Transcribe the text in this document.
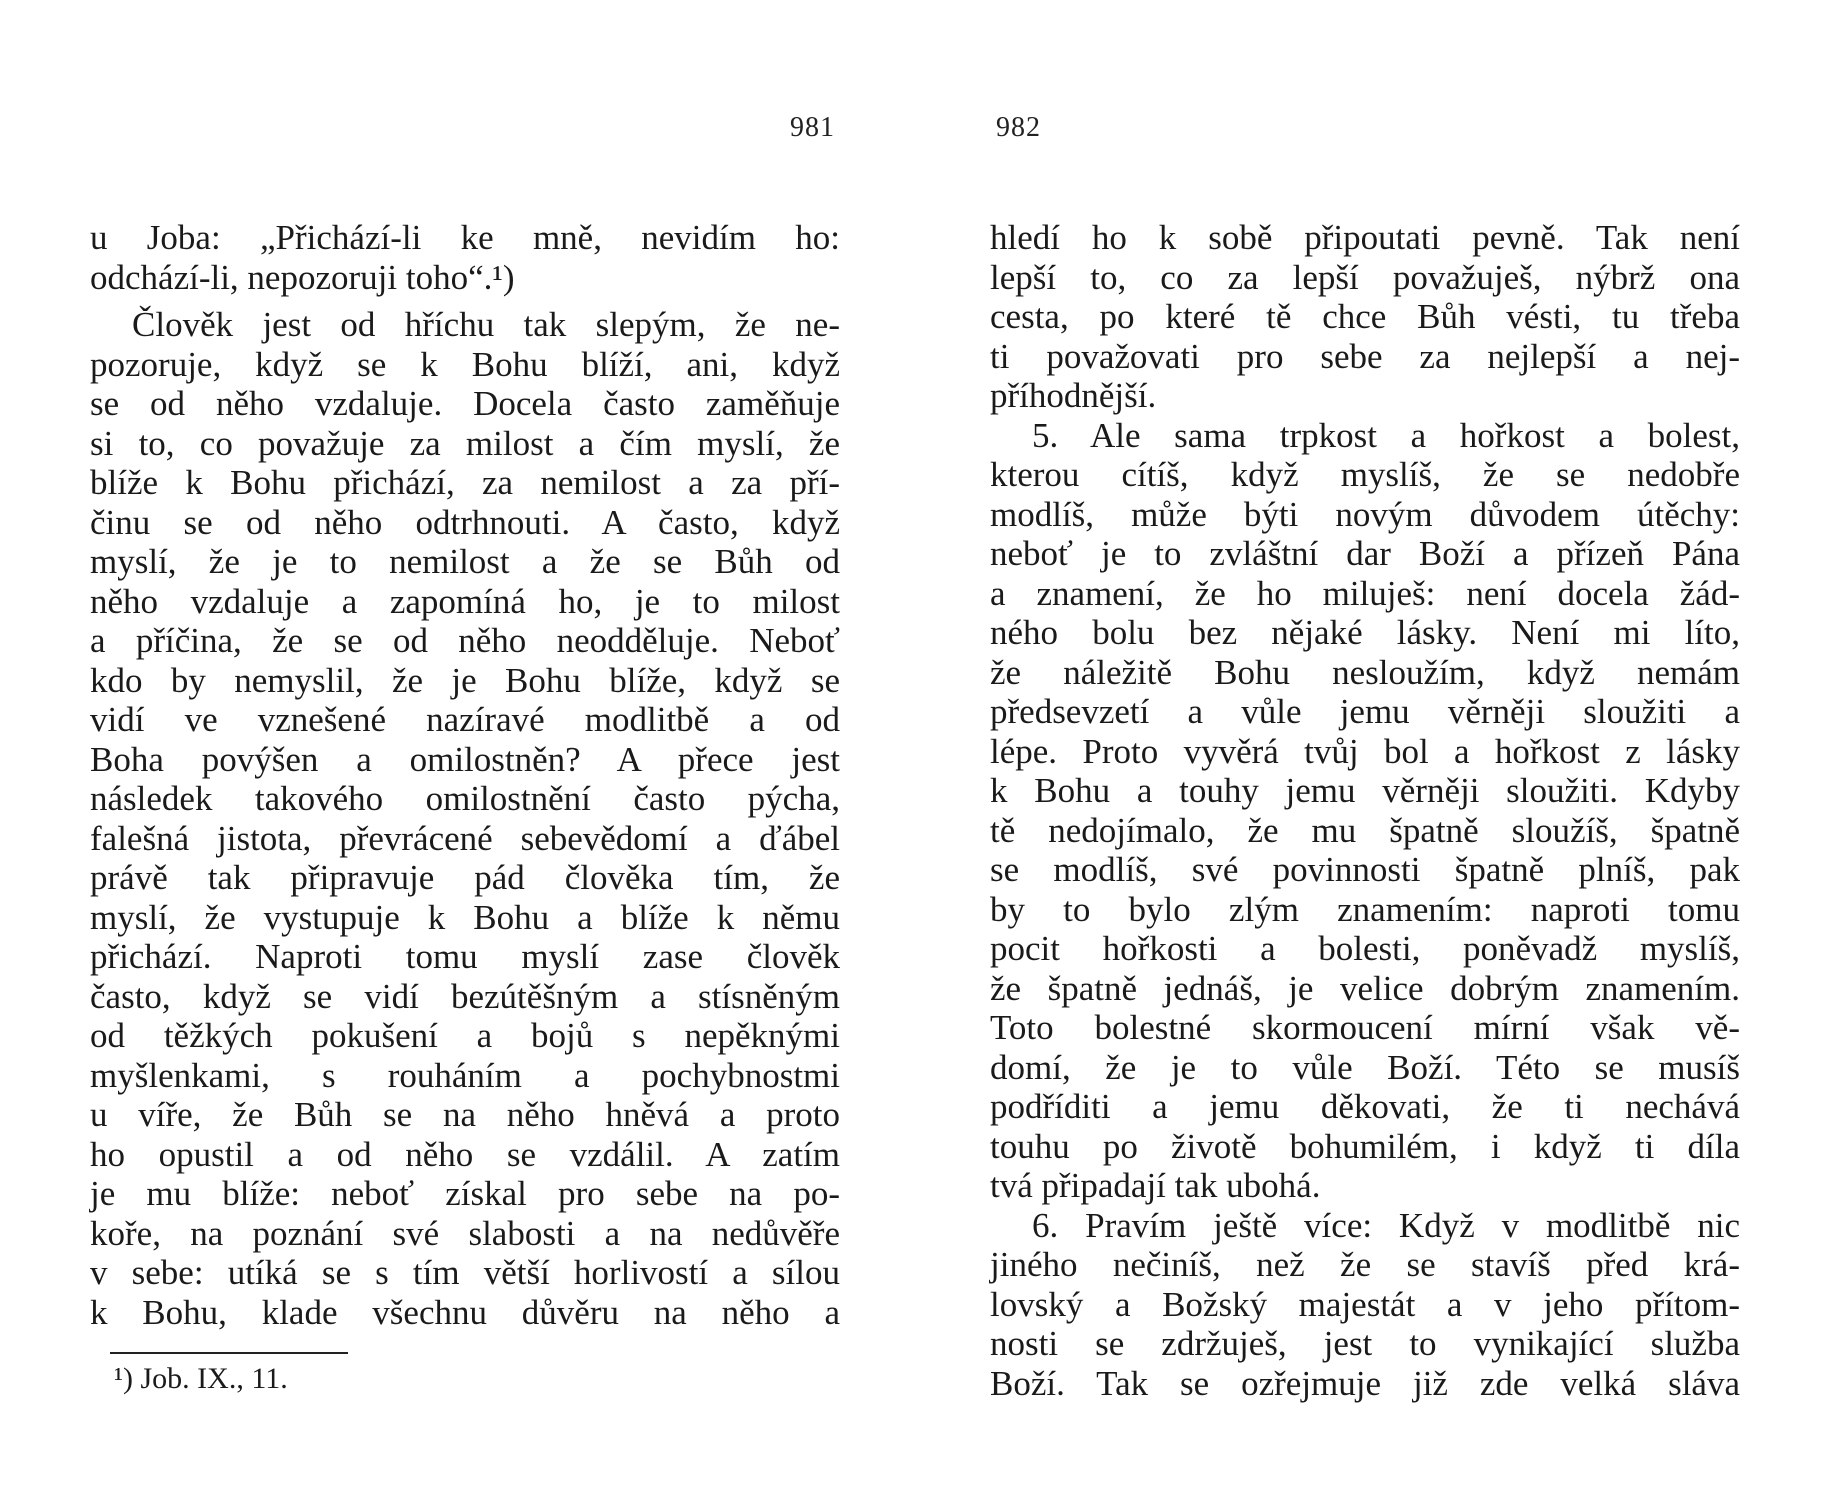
981
u Joba: „Přichází-li ke mně, nevidím ho:
odchází-li, nepozoruji toho“.¹)
Člověk jest od hříchu tak slepým, že ne-
pozoruje, když se k Bohu blíží, ani, když
se od něho vzdaluje. Docela často zaměňuje
si to, co považuje za milost a čím myslí, že
blíže k Bohu přichází, za nemilost a za pří-
činu se od něho odtrhnouti. A často, když
myslí, že je to nemilost a že se Bůh od
něho vzdaluje a zapomíná ho, je to milost
a příčina, že se od něho neodděluje. Neboť
kdo by nemyslil, že je Bohu blíže, když se
vidí ve vznešené nazíravé modlitbě a od
Boha povýšen a omilostněn? A přece jest
následek takového omilostnění často pýcha,
falešná jistota, převrácené sebevědomí a ďábel
právě tak připravuje pád člověka tím, že
myslí, že vystupuje k Bohu a blíže k němu
přichází. Naproti tomu myslí zase člověk
často, když se vidí bezútěšným a stísněným
od těžkých pokušení a bojů s nepěknými
myšlenkami, s rouháním a pochybnostmi
u víře, že Bůh se na něho hněvá a proto
ho opustil a od něho se vzdálil. A zatím
je mu blíže: neboť získal pro sebe na po-
koře, na poznání své slabosti a na nedůvěře
v sebe: utíká se s tím větší horlivostí a sílou
k Bohu, klade všechnu důvěru na něho a
¹) Job. IX., 11.
982
hledí ho k sobě připoutati pevně. Tak není
lepší to, co za lepší považuješ, nýbrž ona
cesta, po které tě chce Bůh vésti, tu třeba
ti považovati pro sebe za nejlepší a nej-
příhodnější.
5. Ale sama trpkost a hořkost a bolest,
kterou cítíš, když myslíš, že se nedobře
modlíš, může býti novým důvodem útěchy:
neboť je to zvláštní dar Boží a přízeň Pána
a znamení, že ho miluješ: není docela žád-
ného bolu bez nějaké lásky. Není mi líto,
že náležitě Bohu nesloužím, když nemám
předsevzetí a vůle jemu věrněji sloužiti a
lépe. Proto vyvěrá tvůj bol a hořkost z lásky
k Bohu a touhy jemu věrněji sloužiti. Kdyby
tě nedojímalo, že mu špatně sloužíš, špatně
se modlíš, své povinnosti špatně plníš, pak
by to bylo zlým znamením: naproti tomu
pocit hořkosti a bolesti, poněvadž myslíš,
že špatně jednáš, je velice dobrým znamením.
Toto bolestné skormoucení mírní však vě-
domí, že je to vůle Boží. Této se musíš
podříditi a jemu děkovati, že ti nechává
touhu po životě bohumilém, i když ti díla
tvá připadají tak ubohá.
6. Pravím ještě více: Když v modlitbě nic
jiného nečiníš, než že se stavíš před krá-
lovský a Božský majestát a v jeho přítom-
nosti se zdržuješ, jest to vynikající služba
Boží. Tak se ozřejmuje již zde velká sláva
